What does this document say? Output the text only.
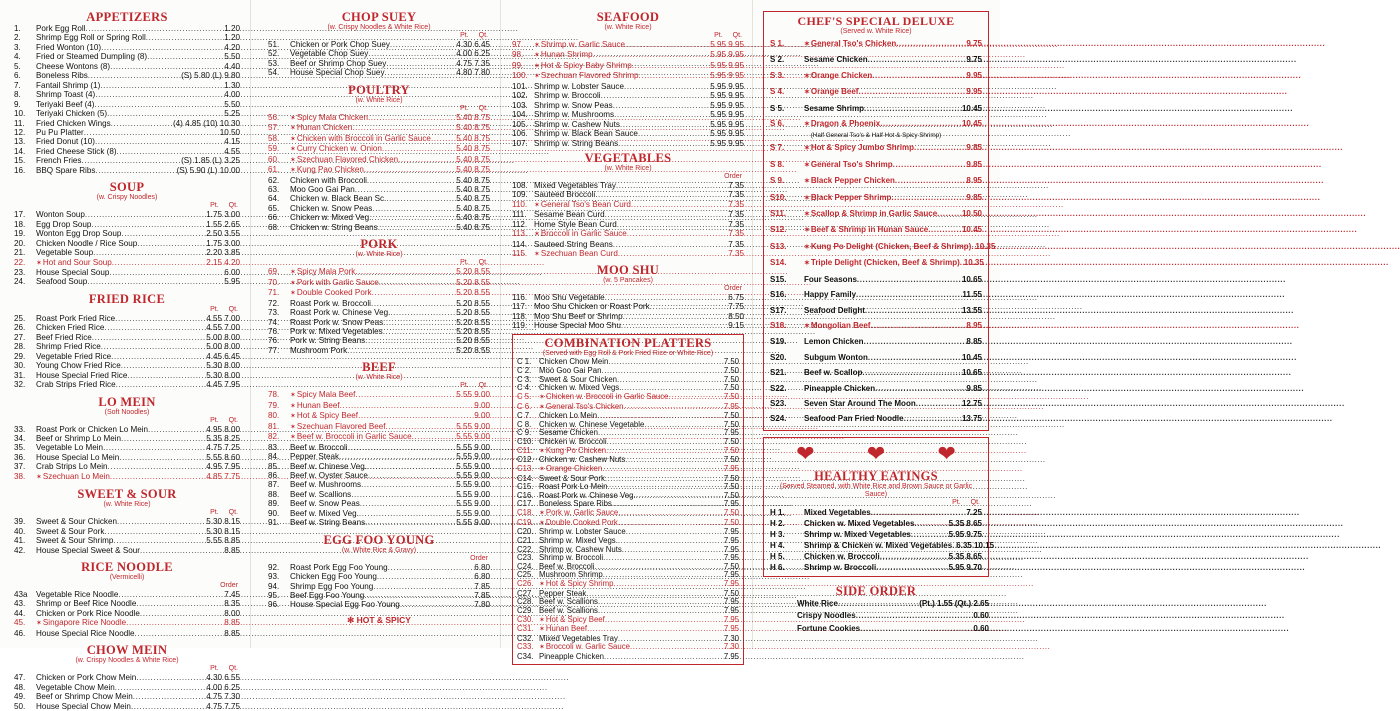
APPETIZERS
1.	Pork Egg Roll .....	1.20
2.	Shrimp Egg Roll or Spring Roll .....	1.20
3.	Fried Wonton (10) .....	4.20
4.	Fried or Steamed Dumpling (8) .....	5.50
5.	Cheese Wontons (8) .....	4.40
6.	Boneless Ribs .....	(S) 5.80 (L) 9.80
7.	Fantail Shrimp (1) .....	1.30
8.	Shrimp Toast (4) .....	4.00
9.	Teriyaki Beef (4) .....	5.50
10.	Teriyaki Chicken (5) .....	5.25
11.	Fried Chicken Wings .....	(4) 4.85 (10) 10.30
12.	Pu Pu Platter .....	10.50
13.	Fried Donut (10) .....	4.15
14.	Fried Cheese Stick (8) .....	4.55
15.	French Fries .....	(S) 1.85 (L) 3.25
16.	BBQ Spare Ribs .....	(S) 5.90 (L) 10.00
SOUP
(w. Crispy Noodles)
Pt. Qt.
17.	Wonton Soup .....	1.75 3.00
18.	Egg Drop Soup .....	1.55 2.65
19.	Wonton Egg Drop Soup .....	2.50 3.55
20.	Chicken Noodle / Rice Soup .....	1.75 3.00
21.	Vegetable Soup .....	2.20 3.85
22.	✶ Hot and Sour Soup .....	2.15 4.20
23.	House Special Soup .....	6.00
24.	Seafood Soup .....	5.95
FRIED RICE
Pt. Qt.
25.	Roast Pork Fried Rice .....	4.55 7.00
26.	Chicken Fried Rice .....	4.55 7.00
27.	Beef Fried Rice .....	5.00 8.00
28.	Shrimp Fried Rice .....	5.00 8.00
29.	Vegetable Fried Rice .....	4.45 6.45
30.	Young Chow Fried Rice .....	5.30 8.00
31.	House Special Fried Rice .....	5.30 8.00
32.	Crab Strips Fried Rice .....	4.45 7.95
LO MEIN
(Soft Noodles)
Pt. Qt.
33.	Roast Pork or Chicken Lo Mein .....	4.95 8.00
34.	Beef or Shrimp Lo Mein .....	5.35 8.25
35.	Vegetable Lo Mein .....	4.75 7.25
36.	House Special Lo Mein .....	5.55 8.60
37.	Crab Strips Lo Mein .....	4.95 7.95
38.	✶ Szechuan Lo Mein .....	4.85 7.75
SWEET & SOUR
(w. White Rice)
Pt. Qt.
39.	Sweet & Sour Chicken .....	5.30 8.15
40.	Sweet & Sour Pork .....	5.30 8.15
41.	Sweet & Sour Shrimp .....	5.55 8.85
42.	House Special Sweet & Sour .....	8.85
RICE NOODLE
(Vermicelli)
Order
43a	Vegetable Rice Noodle .....	7.45
43.	Shrimp or Beef Rice Noodle .....	8.35
44.	Chicken or Pork Rice Noodle .....	8.00
45.	✶ Singapore Rice Noodle .....	8.85
46.	House Special Rice Noodle .....	8.85
CHOW MEIN
(w. Crispy Noodles & White Rice)
Pt. Qt.
47.	Chicken or Pork Chow Mein .....	4.30 6.55
48.	Vegetable Chow Mein .....	4.00 6.25
49.	Beef or Shrimp Chow Mein .....	4.75 7.30
50.	House Special Chow Mein .....	4.75 7.75
CHOP SUEY
(w. Crispy Noodles & White Rice)
Pt. Qt.
51.	Chicken or Pork Chop Suey .....	4.30 6.45
52.	Vegetable Chop Suey .....	4.00 6.25
53.	Beef or Shrimp Chop Suey .....	4.75 7.35
54.	House Special Chop Suey .....	4.80 7.80
POULTRY
(w. White Rice)
Pt. Qt.
56.	✶ Spicy Mala Chicken .....	5.40 8.75
57.	✶ Hunan Chicken .....	5.40 8.75
58.	✶ Chicken with Broccoli in Garlic Sauce .....	5.40 8.75
59.	✶ Curry Chicken w. Onion .....	5.40 8.75
60.	✶ Szechuan Flavored Chicken .....	5.40 8.75
61.	✶ Kung Pao Chicken .....	5.40 8.75
62.	Chicken with Broccoli .....	5.40 8.75
63.	Moo Goo Gai Pan .....	5.40 8.75
64.	Chicken w. Black Bean Sc. .....	5.40 8.75
65.	Chicken w. Snow Peas .....	5.40 8.75
66.	Chicken w. Mixed Veg. .....	5.40 8.75
68.	Chicken w. String Beans .....	5.40 8.75
PORK
(w. White Rice)
Pt. Qt.
69.	✶ Spicy Mala Pork .....	5.20 8.55
70.	✶ Pork with Garlic Sauce .....	5.20 8.55
71.	✶ Double Cooked Pork .....	5.20 8.55
72.	Roast Pork w. Broccoli .....	5.20 8.55
73.	Roast Pork w. Chinese Veg. .....	5.20 8.55
74.	Roast Pork w. Snow Peas .....	5.20 8.55
76.	Pork w. Mixed Vegetables .....	5.20 8.55
76.	Pork w. String Beans .....	5.20 8.55
77.	Mushroom Pork .....	5.20 8.55
BEEF
(w. White Rice)
Pt. Qt.
78.	✶ Spicy Mala Beef .....	5.55 9.00
79.	✶ Hunan Beef .....	9.00
80.	✶ Hot & Spicy Beef .....	9.00
81.	✶ Szechuan Flavored Beef .....	5.55 9.00
82.	✶ Beef w. Broccoli in Garlic Sauce .....	5.55 9.00
83.	Beef w. Broccoli .....	5.55 9.00
84.	Pepper Steak .....	5.55 9.00
85.	Beef w. Chinese Veg. .....	5.55 9.00
86.	Beef w. Oyster Sauce .....	5.55 9.00
87.	Beef w. Mushrooms .....	5.55 9.00
88.	Beef w. Scallions .....	5.55 9.00
89.	Beef w. Snow Peas .....	5.55 9.00
90.	Beef w. Mixed Veg. .....	5.55 9.00
91.	Beef w. String Beans .....	5.55 9.00
EGG FOO YOUNG
(w. White Rice & Gravy)
Order
92.	Roast Pork Egg Foo Young .....	6.80
93.	Chicken Egg Foo Young .....	6.80
94.	Shrimp Egg Foo Young .....	7.85
95.	Beef Egg Foo Young .....	7.85
96.	House Special Egg Foo Young .....	7.80
✻ HOT & SPICY
SEAFOOD
(w. White Rice)
Pt. Qt.
97.	✶ Shrimp w. Garlic Sauce .....	5.95 9.95
98.	✶ Hunan Shrimp .....	5.95 9.95
99.	✶ Hot & Spicy Baby Shrimp .....	5.95 9.95
100. ✶ Szechuan Flavored Shrimp .....	5.95 9.95
101. Shrimp w. Lobster Sauce .....	5.95 9.95
102. Shrimp w. Broccoli .....	5.95 9.95
103. Shrimp w. Snow Peas .....	5.95 9.95
104. Shrimp w. Mushrooms .....	5.95 9.95
105. Shrimp w. Cashew Nuts .....	5.95 9.95
106. Shrimp w. Black Bean Sauce .....	5.95 9.95
107. Shrimp w. String Beans .....	5.95 9.95
VEGETABLES
(w. White Rice)
Order
108. Mixed Vegetables Tray .....	7.35
109. Sauteed Broccoli .....	7.35
110. ✶ General Tso's Bean Curd .....	7.35
111. Sesame Bean Curd .....	7.35
112. Home Style Bean Curd .....	7.35
113. ✶ Broccoli in Garlic Sauce .....	7.35
114. Sauteed String Beans .....	7.35
115. ✶ Szechuan Bean Curd .....	7.35
MOO SHU
(w. 5 Pancakes)
Order
116. Moo Shu Vegetable .....	6.75
117. Moo Shu Chicken or Roast Pork .....	7.75
118. Moo Shu Beef or Shrimp .....	8.50
119. House Special Moo Shu .....	9.15
COMBINATION PLATTERS
(Served with Egg Roll & Pork Fried Rice or White Rice)
C 1. Chicken Chow Mein .....	7.50
C 2. Moo Goo Gai Pan .....	7.50
C 3. Sweet & Sour Chicken .....	7.50
C 4. Chicken w. Mixed Vegs. .....	7.50
C 5.	✶ Chicken w. Broccoli in Garlic Sauce .....	7.50
C 6.	✶ General Tso's Chicken .....	7.95
C 7. Chicken Lo Mein .....	7.50
C 8. Chicken w. Chinese Vegetable .....	7.50
C 9. Sesame Chicken .....	7.95
C10. Chicken w. Broccoli .....	7.50
C11. ✶ Kung Po Chicken .....	7.50
C12. Chicken w. Cashew Nuts .....	7.50
C13. ✶ Orange Chicken .....	7.95
C14. Sweet & Sour Pork .....	7.50
C15. Roast Pork Lo Mein .....	7.50
C16. Roast Pork w. Chinese Veg. .....	7.50
C17. Boneless Spare Ribs .....	7.95
C18. ✶ Pork w. Garlic Sauce .....	7.50
C19. ✶ Double Cooked Pork .....	7.50
C20. Shrimp w. Lobster Sauce .....	7.95
C21. Shrimp w. Mixed Vegs. .....	7.95
C22. Shrimp w. Cashew Nuts .....	7.95
C23. Shrimp w. Broccoli .....	7.95
C24. Beef w. Broccoli .....	7.50
C25. Mushroom Shrimp .....	7.95
C26. ✶ Hot & Spicy Shrimp .....	7.95
C27. Pepper Steak .....	7.50
C28. Beef w. Scallions .....	7.95
C29. Beef w. Scallions .....	7.95
C30. ✶ Hot & Spicy Beef .....	7.95
C31. ✶ Hunan Beef .....	7.95
C32. Mixed Vegetables Tray .....	7.30
C33. ✶ Broccoli w. Garlic Sauce .....	7.30
C34. Pineapple Chicken .....	7.95
CHEF'S SPECIAL DELUXE
(Served w. White Rice)
S 1.	✶ General Tso's Chicken .....	9.75
S 2.	Sesame Chicken .....	9.75
S 3.	✶ Orange Chicken .....	9.95
S 4.	✶ Orange Beef .....	9.95
S 5.	Sesame Shrimp .....	10.45
S 6.	✶ Dragon & Phoenix .....	10.45
(Half General Tso's & Half Hot & Spicy Shrimp)
S 7.	✶ Hot & Spicy Jumbo Shrimp .....	9.85
S 8.	✶ General Tso's Shrimp .....	9.85
S 9.	✶ Black Pepper Chicken .....	8.95
S10.	✶ Black Pepper Shrimp .....	9.85
S11.	✶ Scallop & Shrimp in Garlic Sauce .....	10.50
S12.	✶ Beef & Shrimp in Hunan Sauce .....	10.45
S13.	✶ Kung Po Delight (Chicken, Beef & Shrimp) ..... 10.35
S14.	✶ Triple Delight (Chicken, Beef & Shrimp) ..... 10.35
S15.	Four Seasons .....	10.65
S16.	Happy Family .....	11.55
S17.	Seafood Delight .....	13.55
S18.	✶ Mongolian Beef .....	8.95
S19.	Lemon Chicken .....	8.85
S20.	Subgum Wonton .....	10.45
S21.	Beef w. Scallop .....	10.65
S22.	Pineapple Chicken .....	9.85
S23.	Seven Star Around The Moon .....	12.75
S24.	Seafood Pan Fried Noodle .....	13.75
❤ ❤ ❤
HEALTHY EATINGS
(Served Steamed, with White Rice and Brown Sauce or Garlic Sauce)
Pt. Qt.
H 1.	Mixed Vegetables .....	7.25
H 2.	Chicken w. Mixed Vegetables .....	5.35 8.65
H 3.	Shrimp w. Mixed Vegetables .....	5.95 9.75
H 4.	Shrimp & Chicken w. Mixed Vegetables ..... 6.35 10.15
H 5.	Chicken w. Broccoli .....	5.35 8.65
H 6.	Shrimp w. Broccoli .....	5.95 9.70
SIDE ORDER
White Rice .....	(Pt.) 1.55 (Qt.) 2.65
Crispy Noodles .....	0.60
Fortune Cookies .....	0.60
